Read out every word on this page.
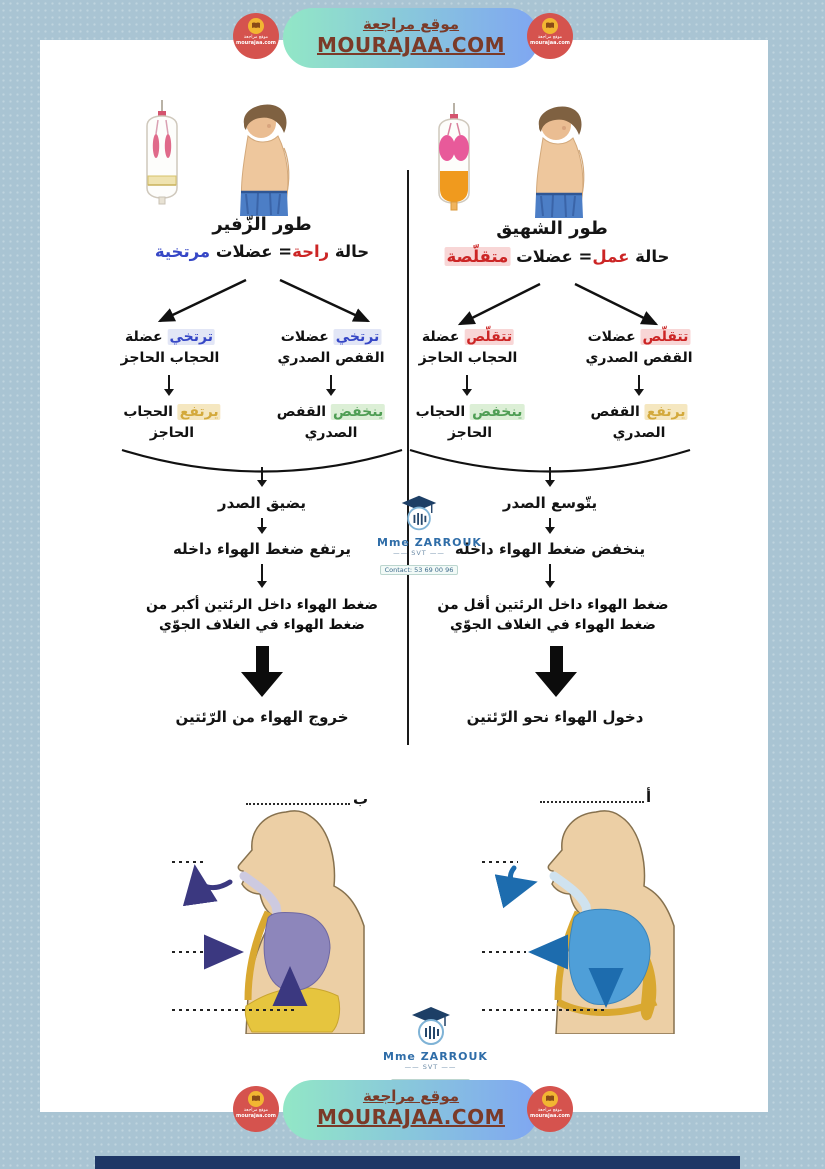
موقع مراجعة
MOURAJAA.COM
موقع مراجعة
mourajaa.com
موقع مراجعة
mourajaa.com
طور الزّفير
حالة راحة= عضلات مرتخية
ترتخي عضلة
الحجاب الحاجز
ترتخي عضلات
القفص الصدري
يرتفع الحجاب
الحاجز
ينخفض القفص
الصدري
يضيق الصدر
يرتفع ضغط الهواء داخله
ضغط الهواء داخل الرئتين أكبر من
ضغط الهواء في الغلاف الجوّي
خروج الهواء من الرّئتين
طور الشهيق
حالة عمل= عضلات متقلّصة
تتقلّص عضلة
الحجاب الحاجز
تتقلّص عضلات
القفص الصدري
ينخفض الحجاب
الحاجز
يرتفع القفص
الصدري
يتّوسع الصدر
ينخفض ضغط الهواء داخله
ضغط الهواء داخل الرئتين أقل من
ضغط الهواء في الغلاف الجوّي
دخول الهواء نحو الرّئتين
Mme ZARROUK
—— SVT ——
Contact: 53 69 00 96
أ
ب
Mme ZARROUK
—— SVT ——
موقع مراجعة
MOURAJAA.COM
موقع مراجعة
mourajaa.com
موقع مراجعة
mourajaa.com
